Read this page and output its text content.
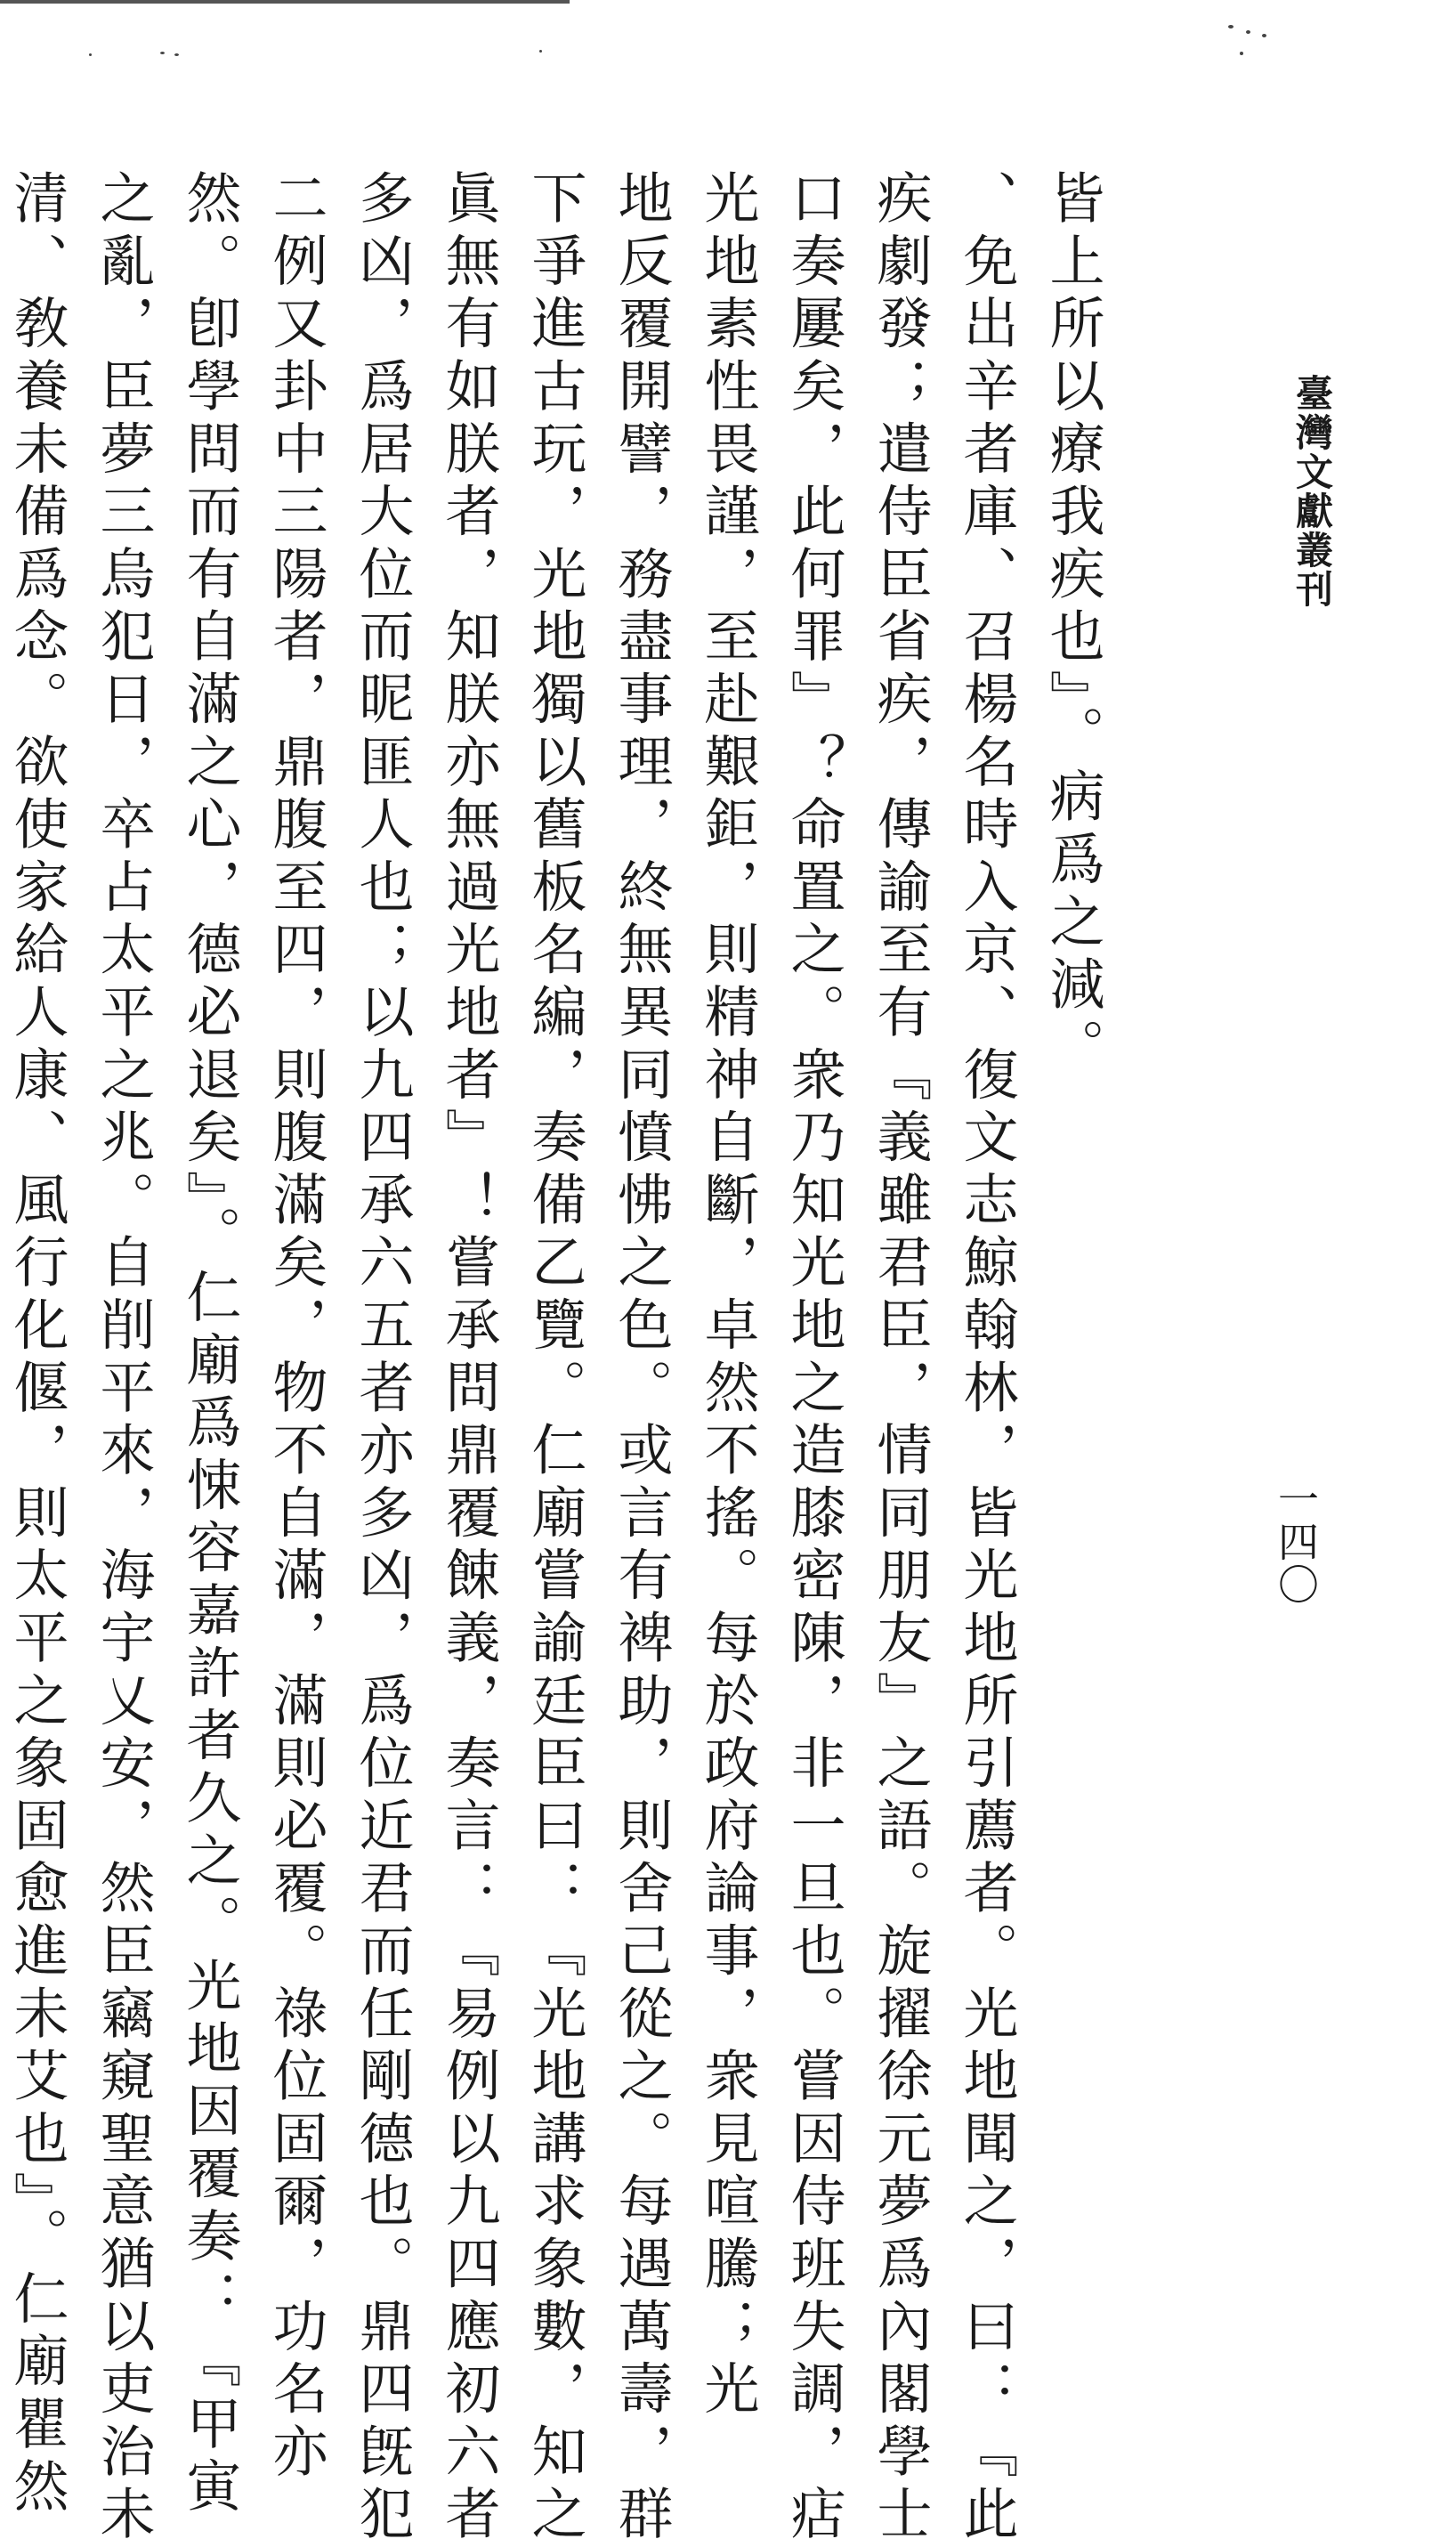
臺灣文獻叢刊
一四〇
皆上所以療我疾也』。病爲之減。
、免出辛者庫、召楊名時入京、復文志鯨翰林，皆光地所引薦者。光地聞之，曰：『此
疾劇發；遣侍臣省疾，傳諭至有『義雖君臣，情同朋友』之語。旋擢徐元夢爲內閣學士
口奏屢矣，此何罪』？命置之。衆乃知光地之造膝密陳，非一旦也。嘗因侍班失調，痁
光地素性畏謹，至赴艱鉅，則精神自斷，卓然不搖。每於政府論事，衆見喧騰；光
地反覆開譬，務盡事理，終無異同憤怫之色。或言有裨助，則舍己從之。每遇萬壽，群
下爭進古玩，光地獨以舊板名編，奏備乙覽。仁廟嘗諭廷臣曰：『光地講求象數，知之
眞無有如朕者，知朕亦無過光地者』！嘗承問鼎覆餗義，奏言：『易例以九四應初六者
多凶，爲居大位而昵匪人也；以九四承六五者亦多凶，爲位近君而任剛德也。鼎四旣犯
二例又卦中三陽者，鼎腹至四，則腹滿矣，物不自滿，滿則必覆。祿位固爾，功名亦
然。卽學問而有自滿之心，德必退矣』。仁廟爲悚容嘉許者久之。光地因覆奏：『甲寅
之亂，臣夢三烏犯日，卒占太平之兆。自削平來，海宇乂安，然臣竊窺聖意猶以吏治未
清、敎養未備爲念。欲使家給人康、風行化偃，則太平之象固愈進未艾也』。仁廟瞿然
